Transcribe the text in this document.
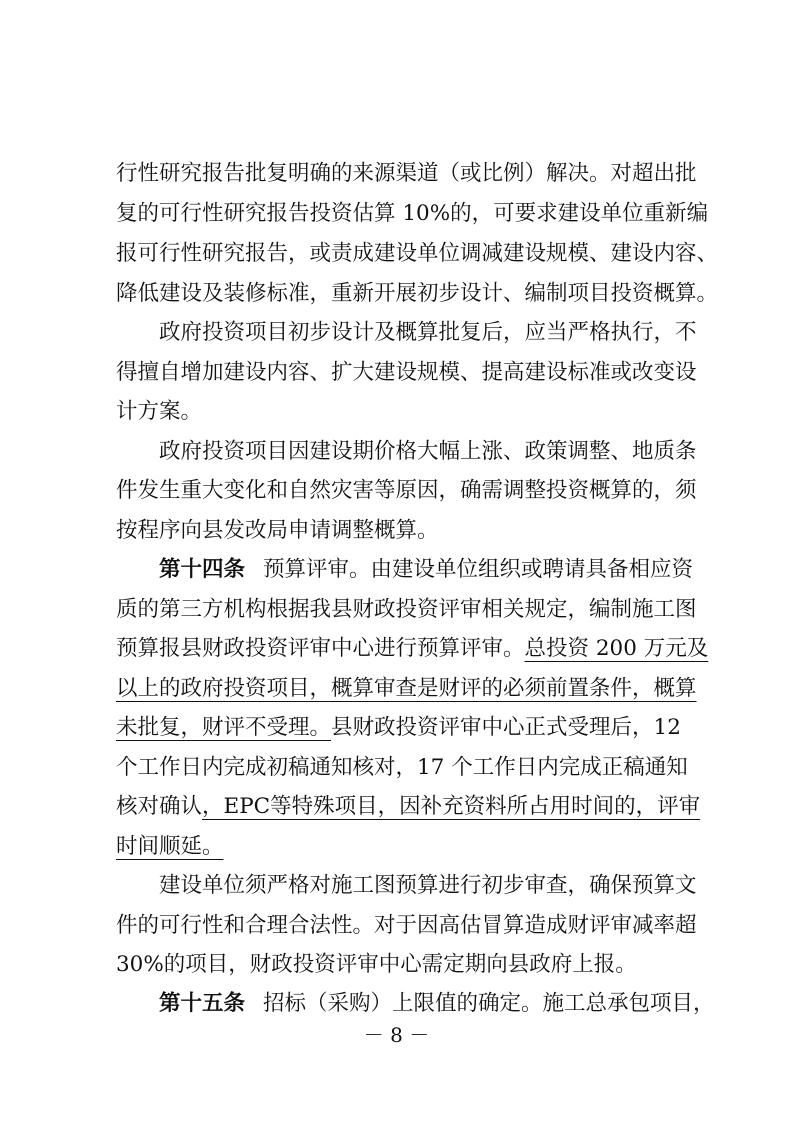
行性研究报告批复明确的来源渠道（或比例）解决。对超出批
复的可行性研究报告投资估算 10%的，可要求建设单位重新编
报可行性研究报告，或责成建设单位调减建设规模、建设内容、
降低建设及装修标准，重新开展初步设计、编制项目投资概算。
政府投资项目初步设计及概算批复后，应当严格执行，不
得擅自增加建设内容、扩大建设规模、提高建设标准或改变设
计方案。
政府投资项目因建设期价格大幅上涨、政策调整、地质条
件发生重大变化和自然灾害等原因，确需调整投资概算的，须
按程序向县发改局申请调整概算。
第十四条 预算评审。由建设单位组织或聘请具备相应资
质的第三方机构根据我县财政投资评审相关规定，编制施工图
预算报县财政投资评审中心进行预算评审。总投资 200 万元及
以上的政府投资项目，概算审查是财评的必须前置条件，概算
未批复，财评不受理。县财政投资评审中心正式受理后，12
个工作日内完成初稿通知核对，17 个工作日内完成正稿通知
核对确认，EPC等特殊项目，因补充资料所占用时间的，评审
时间顺延。
建设单位须严格对施工图预算进行初步审查，确保预算文
件的可行性和合理合法性。对于因高估冒算造成财评审减率超
30%的项目，财政投资评审中心需定期向县政府上报。
第十五条 招标（采购）上限值的确定。施工总承包项目，
－ 8 －
